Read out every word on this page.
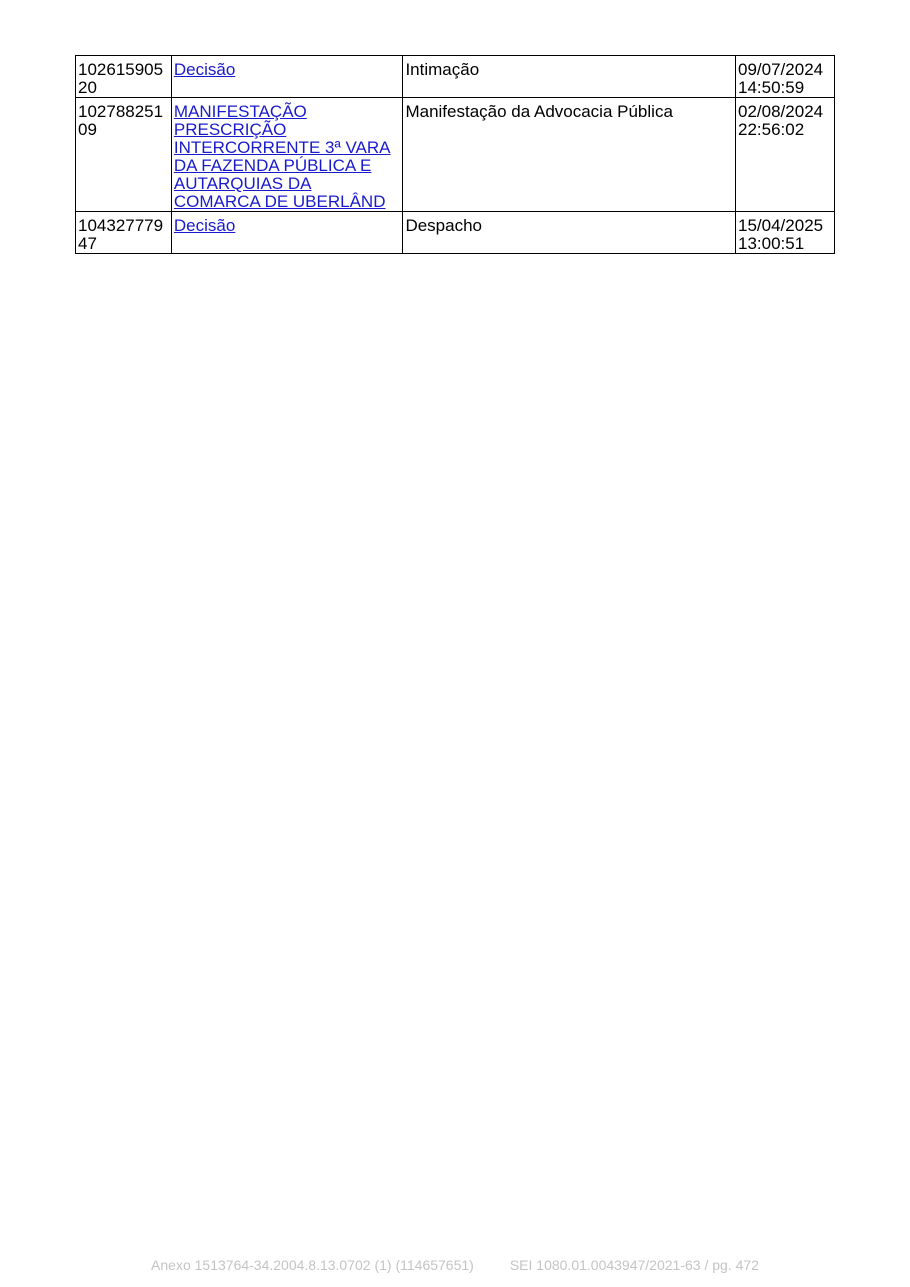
10261590520	Decisão	Intimação	09/07/2024 14:50:59
10278825109	MANIFESTAÇÃO PRESCRIÇÃO INTERCORRENTE 3ª VARA DA FAZENDA PÚBLICA E AUTARQUIAS DA COMARCA DE UBERLÂND	Manifestação da Advocacia Pública	02/08/2024 22:56:02
10432777947	Decisão	Despacho	15/04/2025 13:00:51
Anexo 1513764-34.2004.8.13.0702 (1) (114657651)	SEI 1080.01.0043947/2021-63 / pg. 472
